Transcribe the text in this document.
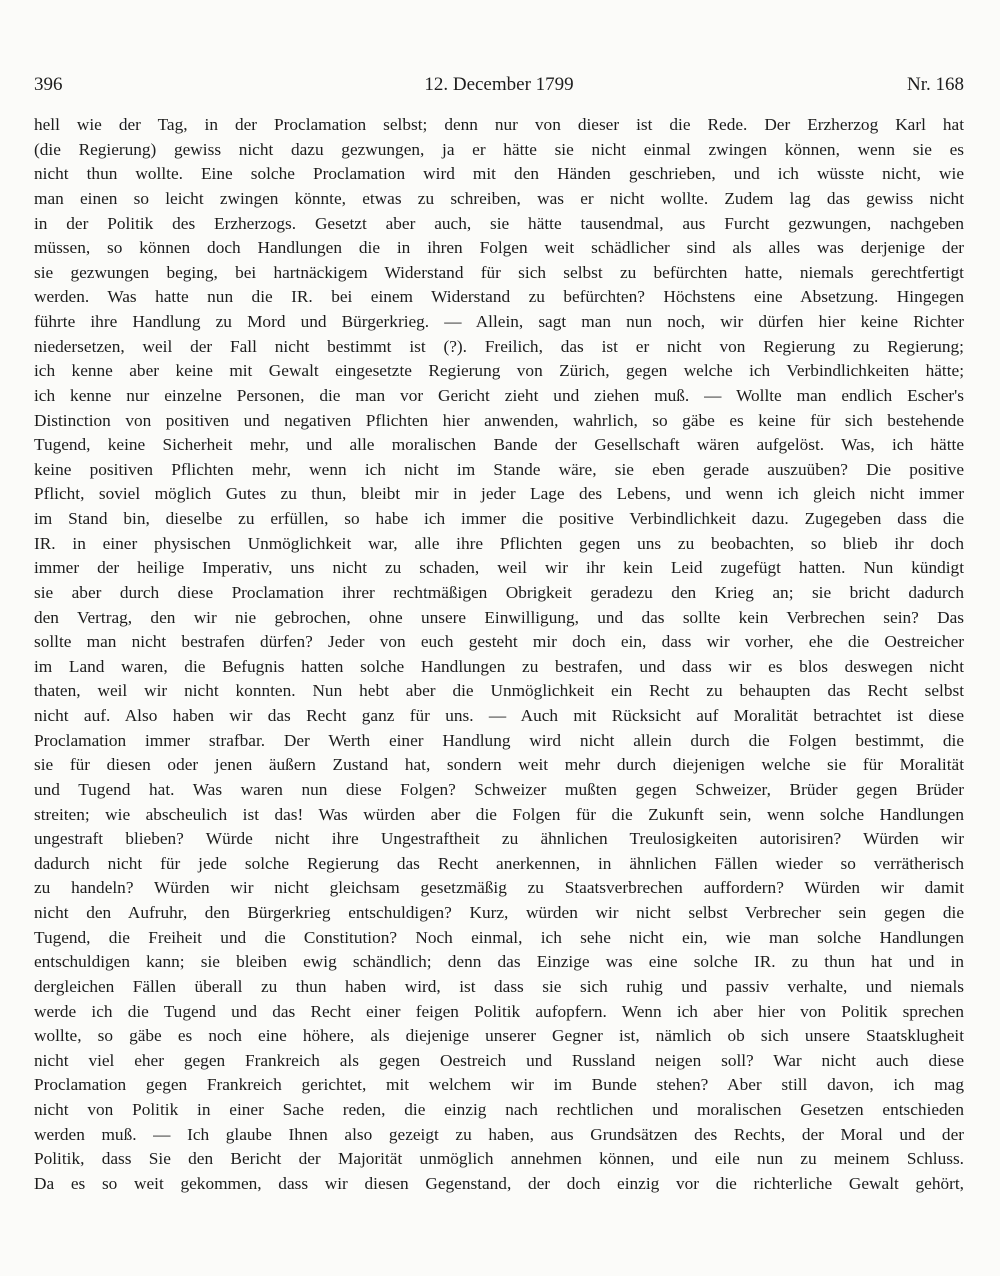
12. December 1799
396	Nr. 168
hell wie der Tag, in der Proclamation selbst; denn nur von dieser ist die Rede. Der Erzherzog Karl hat
(die Regierung) gewiss nicht dazu gezwungen, ja er hätte sie nicht einmal zwingen können, wenn sie es
nicht thun wollte. Eine solche Proclamation wird mit den Händen geschrieben, und ich wüsste nicht, wie
man einen so leicht zwingen könnte, etwas zu schreiben, was er nicht wollte. Zudem lag das gewiss nicht
in der Politik des Erzherzogs. Gesetzt aber auch, sie hätte tausendmal, aus Furcht gezwungen, nachgeben
müssen, so können doch Handlungen die in ihren Folgen weit schädlicher sind als alles was derjenige der
sie gezwungen beging, bei hartnäckigem Widerstand für sich selbst zu befürchten hatte, niemals gerechtfertigt
werden. Was hatte nun die IR. bei einem Widerstand zu befürchten? Höchstens eine Absetzung. Hingegen
führte ihre Handlung zu Mord und Bürgerkrieg. — Allein, sagt man nun noch, wir dürfen hier keine Richter
niedersetzen, weil der Fall nicht bestimmt ist (?). Freilich, das ist er nicht von Regierung zu Regierung;
ich kenne aber keine mit Gewalt eingesetzte Regierung von Zürich, gegen welche ich Verbindlichkeiten hätte;
ich kenne nur einzelne Personen, die man vor Gericht zieht und ziehen muß. — Wollte man endlich Escher's
Distinction von positiven und negativen Pflichten hier anwenden, wahrlich, so gäbe es keine für sich bestehende
Tugend, keine Sicherheit mehr, und alle moralischen Bande der Gesellschaft wären aufgelöst. Was, ich hätte
keine positiven Pflichten mehr, wenn ich nicht im Stande wäre, sie eben gerade auszuüben? Die positive
Pflicht, soviel möglich Gutes zu thun, bleibt mir in jeder Lage des Lebens, und wenn ich gleich nicht immer
im Stand bin, dieselbe zu erfüllen, so habe ich immer die positive Verbindlichkeit dazu. Zugegeben dass die
IR. in einer physischen Unmöglichkeit war, alle ihre Pflichten gegen uns zu beobachten, so blieb ihr doch
immer der heilige Imperativ, uns nicht zu schaden, weil wir ihr kein Leid zugefügt hatten. Nun kündigt
sie aber durch diese Proclamation ihrer rechtmäßigen Obrigkeit geradezu den Krieg an; sie bricht dadurch
den Vertrag, den wir nie gebrochen, ohne unsere Einwilligung, und das sollte kein Verbrechen sein? Das
sollte man nicht bestrafen dürfen? Jeder von euch gesteht mir doch ein, dass wir vorher, ehe die Oestreicher
im Land waren, die Befugnis hatten solche Handlungen zu bestrafen, und dass wir es blos deswegen nicht
thaten, weil wir nicht konnten. Nun hebt aber die Unmöglichkeit ein Recht zu behaupten das Recht selbst
nicht auf. Also haben wir das Recht ganz für uns. — Auch mit Rücksicht auf Moralität betrachtet ist diese
Proclamation immer strafbar. Der Werth einer Handlung wird nicht allein durch die Folgen bestimmt, die
sie für diesen oder jenen äußern Zustand hat, sondern weit mehr durch diejenigen welche sie für Moralität
und Tugend hat. Was waren nun diese Folgen? Schweizer mußten gegen Schweizer, Brüder gegen Brüder
streiten; wie abscheulich ist das! Was würden aber die Folgen für die Zukunft sein, wenn solche Handlungen
ungestraft blieben? Würde nicht ihre Ungestraftheit zu ähnlichen Treulosigkeiten autorisiren? Würden wir
dadurch nicht für jede solche Regierung das Recht anerkennen, in ähnlichen Fällen wieder so verrätherisch
zu handeln? Würden wir nicht gleichsam gesetzmäßig zu Staatsverbrechen auffordern? Würden wir damit
nicht den Aufruhr, den Bürgerkrieg entschuldigen? Kurz, würden wir nicht selbst Verbrecher sein gegen die
Tugend, die Freiheit und die Constitution? Noch einmal, ich sehe nicht ein, wie man solche Handlungen
entschuldigen kann; sie bleiben ewig schändlich; denn das Einzige was eine solche IR. zu thun hat und in
dergleichen Fällen überall zu thun haben wird, ist dass sie sich ruhig und passiv verhalte, und niemals
werde ich die Tugend und das Recht einer feigen Politik aufopfern. Wenn ich aber hier von Politik sprechen
wollte, so gäbe es noch eine höhere, als diejenige unserer Gegner ist, nämlich ob sich unsere Staatsklugheit
nicht viel eher gegen Frankreich als gegen Oestreich und Russland neigen soll? War nicht auch diese
Proclamation gegen Frankreich gerichtet, mit welchem wir im Bunde stehen? Aber still davon, ich mag
nicht von Politik in einer Sache reden, die einzig nach rechtlichen und moralischen Gesetzen entschieden
werden muß. — Ich glaube Ihnen also gezeigt zu haben, aus Grundsätzen des Rechts, der Moral und der
Politik, dass Sie den Bericht der Majorität unmöglich annehmen können, und eile nun zu meinem Schluss.
Da es so weit gekommen, dass wir diesen Gegenstand, der doch einzig vor die richterliche Gewalt gehört,
